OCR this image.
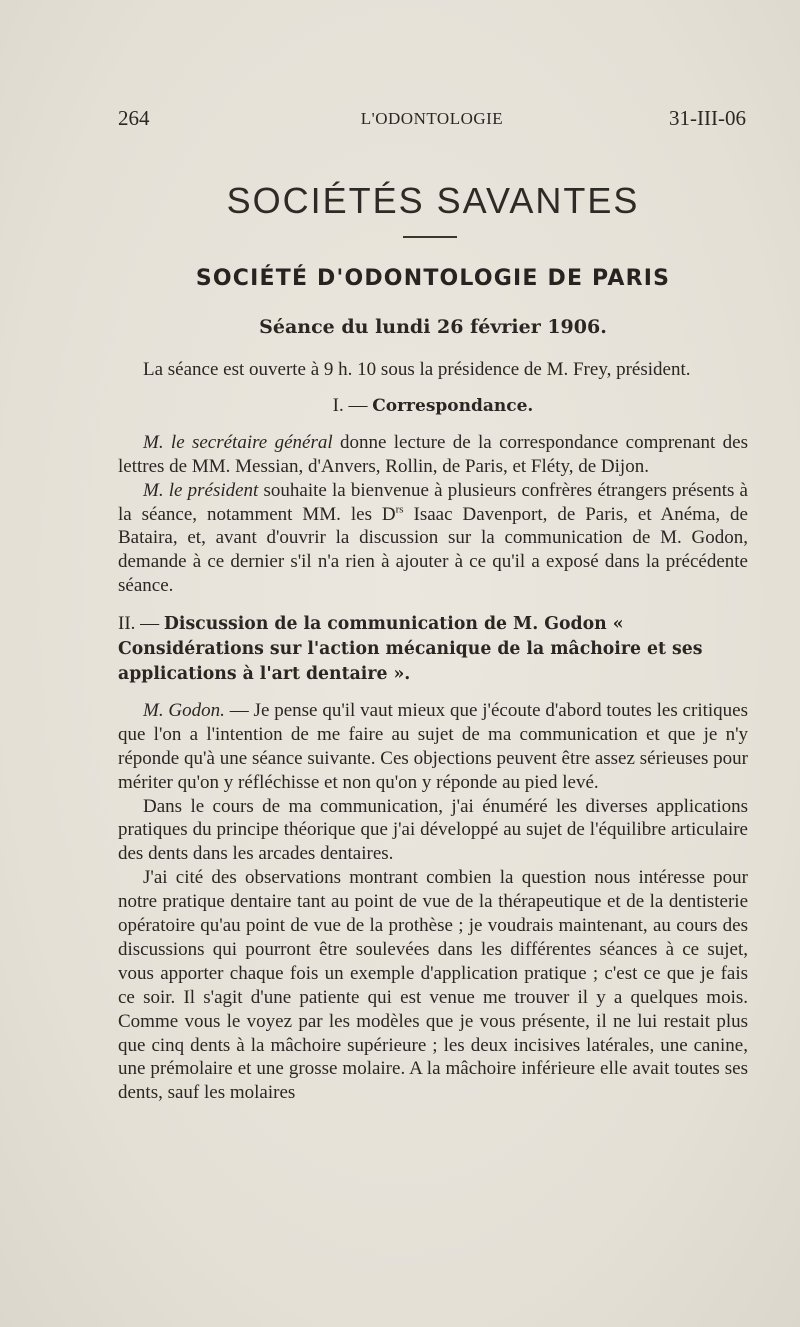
264	L'ODONTOLOGIE	31-III-06
SOCIÉTÉS SAVANTES
SOCIÉTÉ D'ODONTOLOGIE DE PARIS
Séance du lundi 26 février 1906.

La séance est ouverte à 9 h. 10 sous la présidence de M. Frey, président.

I. — Correspondance.

M. le secrétaire général donne lecture de la correspondance comprenant des lettres de MM. Messian, d'Anvers, Rollin, de Paris, et Fléty, de Dijon.

M. le président souhaite la bienvenue à plusieurs confrères étrangers présents à la séance, notamment MM. les $D^{rs}$ Isaac Davenport, de Paris, et Anéma, de Bataira, et, avant d'ouvrir la discussion sur la communication de M. Godon, demande à ce dernier s'il n'a rien à ajouter à ce qu'il a exposé dans la précédente séance.

II. — Discussion de la communication de M. Godon « Considérations sur l'action mécanique de la mâchoire et ses applications à l'art dentaire ».

M. Godon. — Je pense qu'il vaut mieux que j'écoute d'abord toutes les critiques que l'on a l'intention de me faire au sujet de ma communication et que je n'y réponde qu'à une séance suivante. Ces objections peuvent être assez sérieuses pour mériter qu'on y réfléchisse et non qu'on y réponde au pied levé.

Dans le cours de ma communication, j'ai énuméré les diverses applications pratiques du principe théorique que j'ai développé au sujet de l'équilibre articulaire des dents dans les arcades dentaires.

J'ai cité des observations montrant combien la question nous intéresse pour notre pratique dentaire tant au point de vue de la thérapeutique et de la dentisterie opératoire qu'au point de vue de la prothèse ; je voudrais maintenant, au cours des discussions qui pourront être soulevées dans les différentes séances à ce sujet, vous apporter chaque fois un exemple d'application pratique ; c'est ce que je fais ce soir. Il s'agit d'une patiente qui est venue me trouver il y a quelques mois. Comme vous le voyez par les modèles que je vous présente, il ne lui restait plus que cinq dents à la mâchoire supérieure ; les deux incisives latérales, une canine, une prémolaire et une grosse molaire. A la mâchoire inférieure elle avait toutes ses dents, sauf les molaires
